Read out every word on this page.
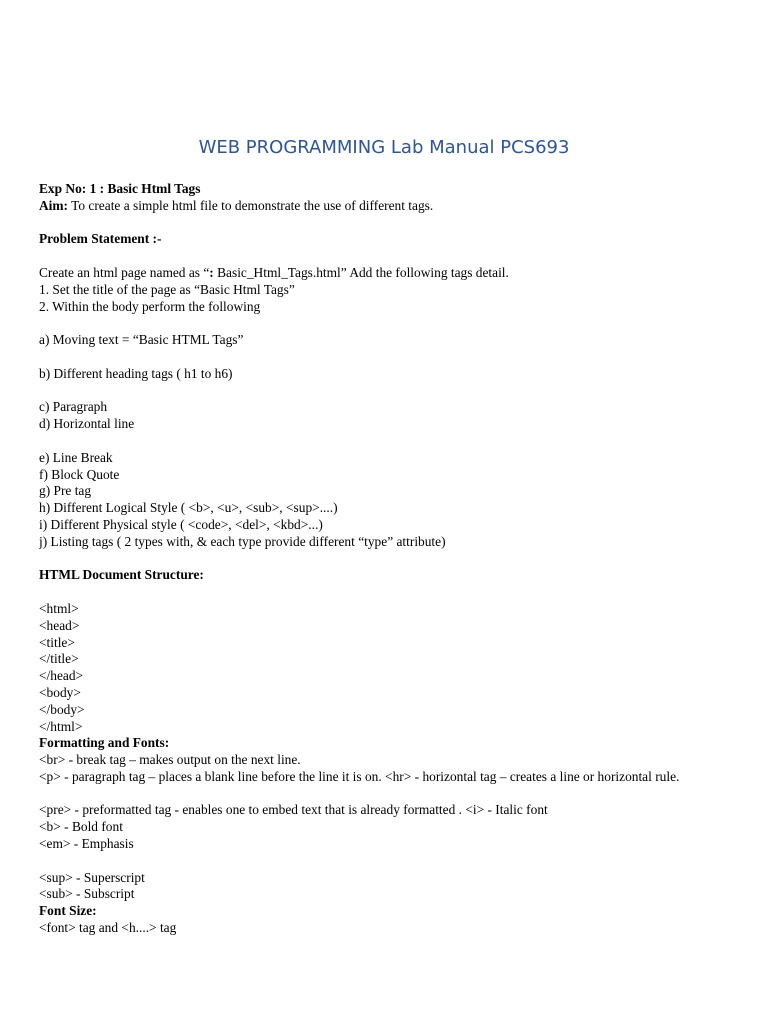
WEB PROGRAMMING Lab Manual PCS693
Exp No: 1 : Basic Html Tags
Aim: To create a simple html file to demonstrate the use of different tags.
Problem Statement :-
Create an html page named as “: Basic_Html_Tags.html” Add the following tags detail.
1. Set the title of the page as “Basic Html Tags”
2. Within the body perform the following
a) Moving text = “Basic HTML Tags”
b) Different heading tags ( h1 to h6)
c) Paragraph
d) Horizontal line
e) Line Break
f) Block Quote
g) Pre tag
h) Different Logical Style ( <b>, <u>, <sub>, <sup>....)
i) Different Physical style ( <code>, <del>, <kbd>...)
j) Listing tags ( 2 types with, & each type provide different “type” attribute)
HTML Document Structure:
<html>
<head>
<title>
</title>
</head>
<body>
</body>
</html>
Formatting and Fonts:
<br> - break tag – makes output on the next line.
<p> - paragraph tag – places a blank line before the line it is on. <hr> - horizontal tag – creates a line or horizontal rule.
<pre> - preformatted tag - enables one to embed text that is already formatted . <i> - Italic font
<b> - Bold font
<em> - Emphasis
<sup> - Superscript
<sub> - Subscript
Font Size:
<font> tag and <h....> tag
